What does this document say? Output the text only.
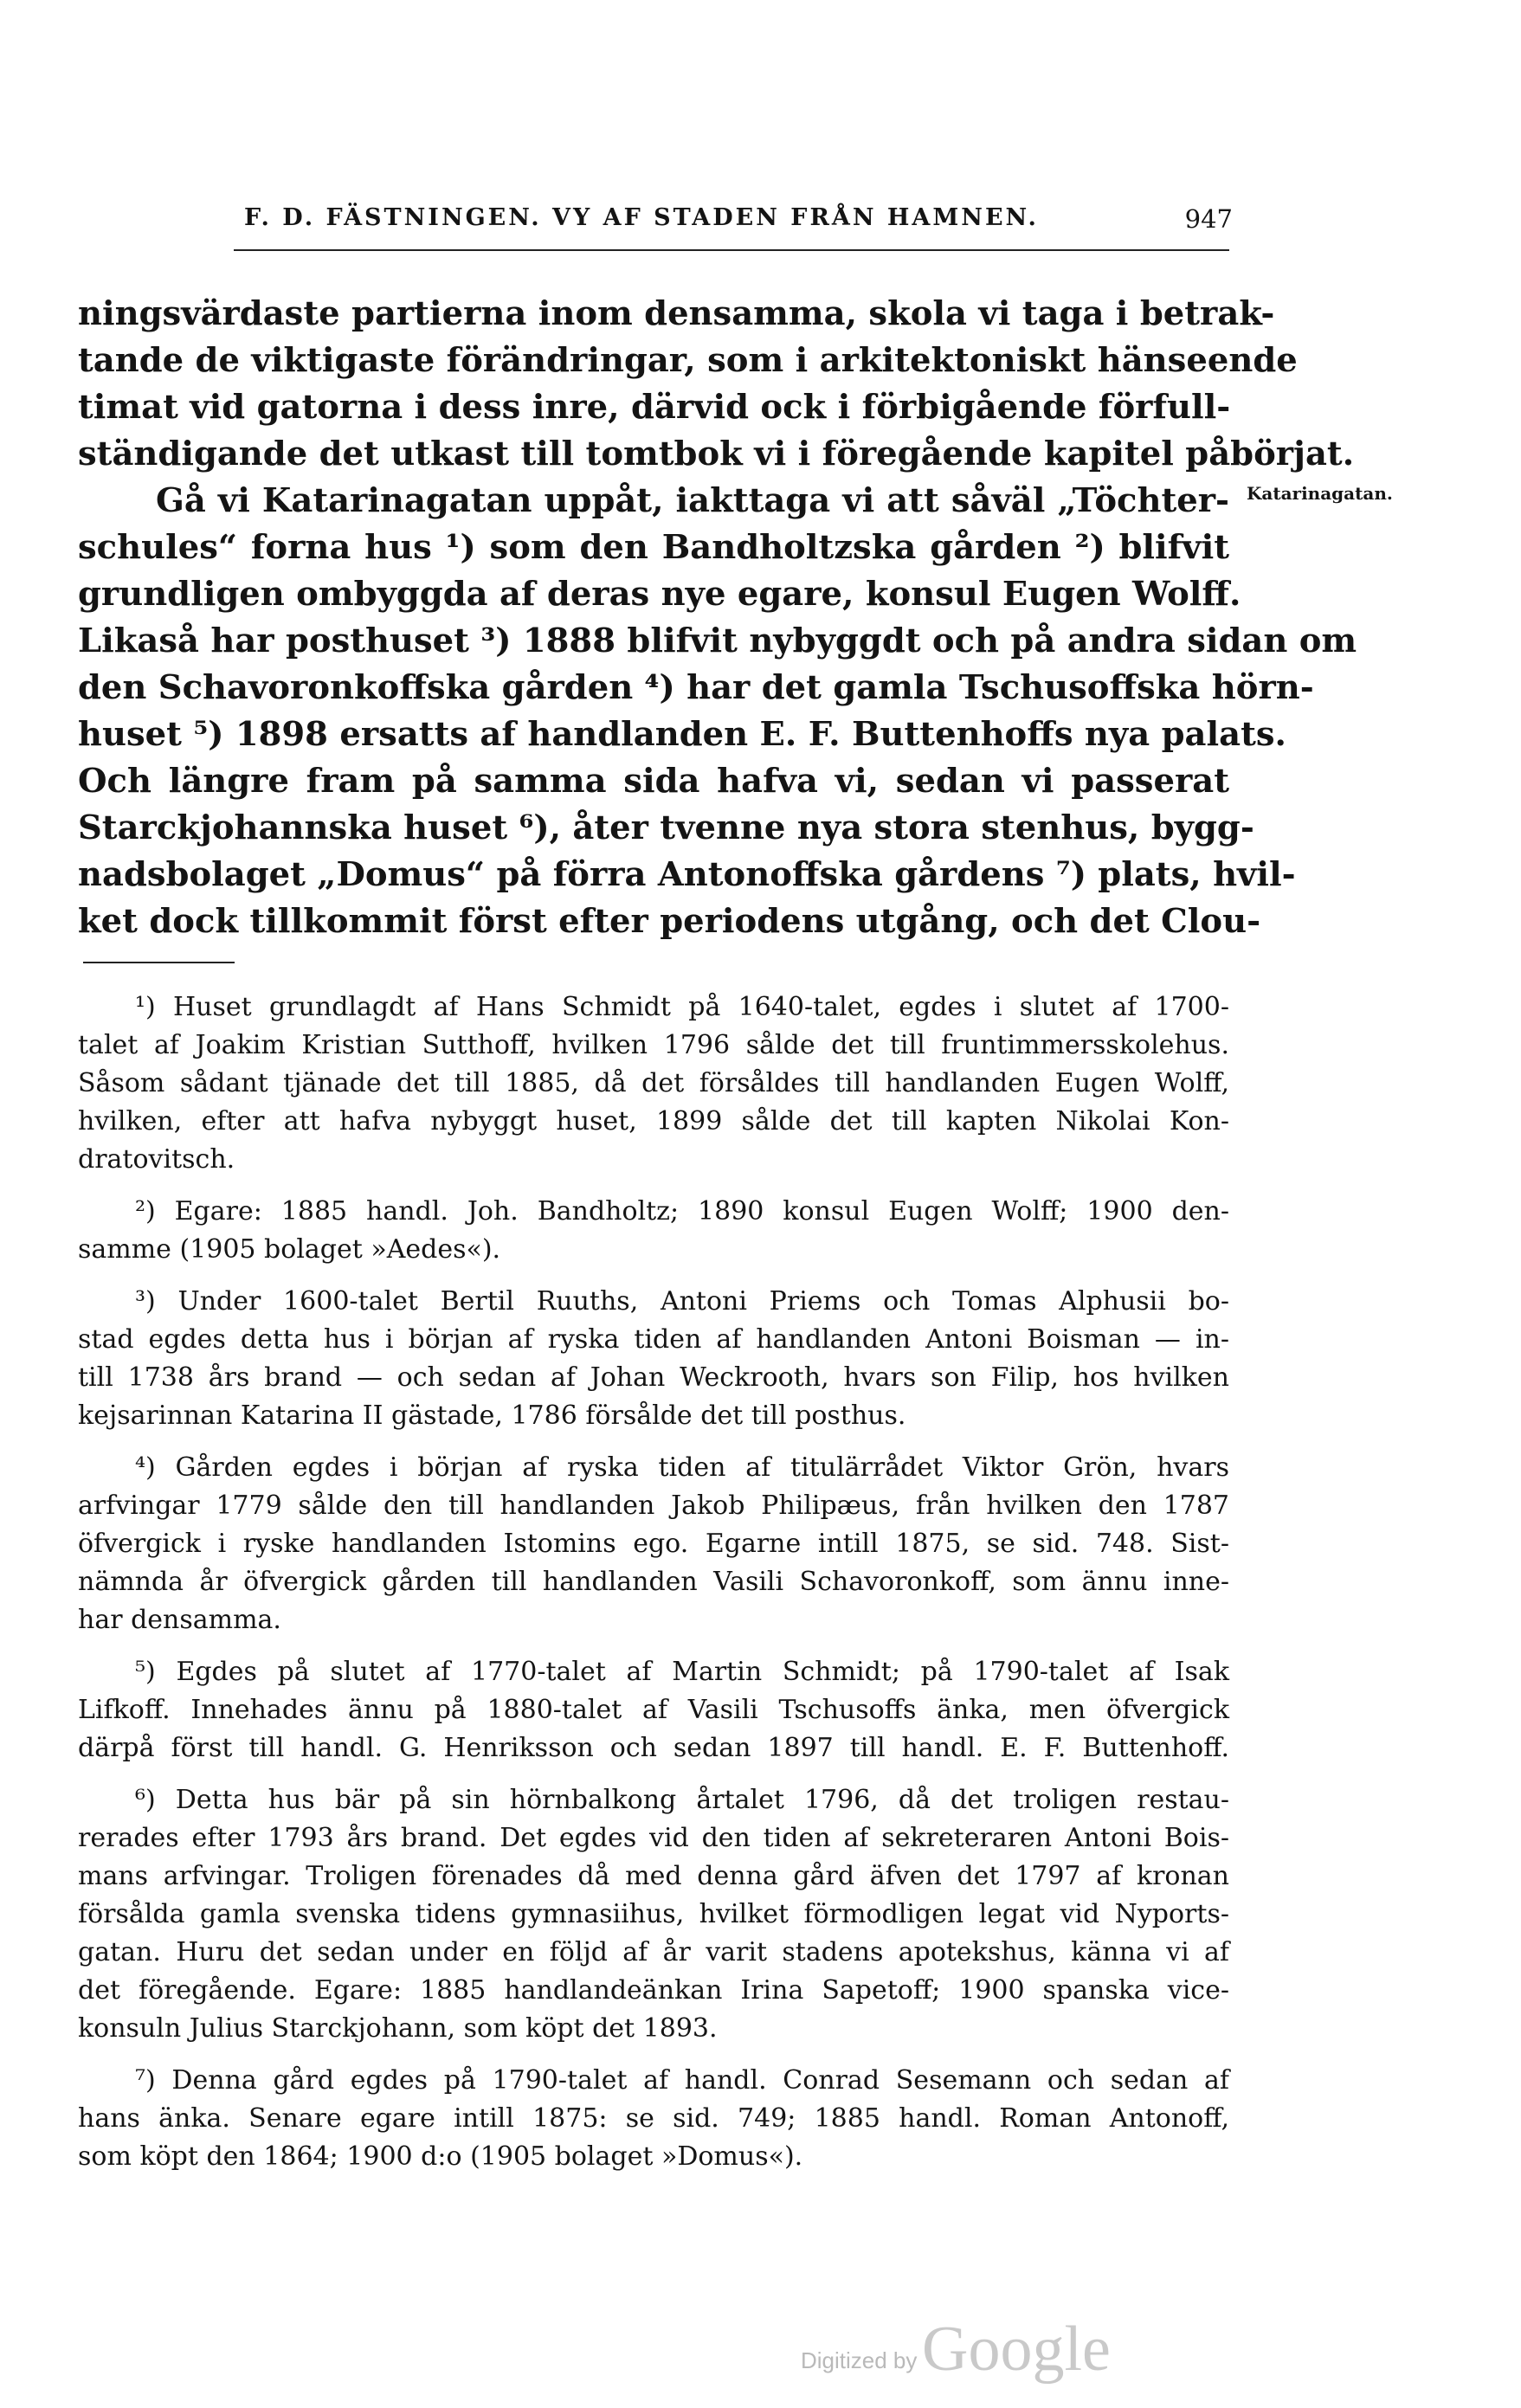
F. D. FÄSTNINGEN. VY AF STADEN FRÅN HAMNEN.	947
ningsvärdaste partierna inom densamma, skola vi taga i betrak-
tande de viktigaste förändringar, som i arkitektoniskt hänseende
timat vid gatorna i dess inre, därvid ock i förbigående förfull-
ständigande det utkast till tomtbok vi i föregående kapitel påbörjat.
Gå vi Katarinagatan uppåt, iakttaga vi att såväl „Töchter-
schules“ forna hus ¹) som den Bandholtzska gården ²) blifvit
grundligen ombyggda af deras nye egare, konsul Eugen Wolff.
Likaså har posthuset ³) 1888 blifvit nybyggdt och på andra sidan om
den Schavoronkoffska gården ⁴) har det gamla Tschusoffska hörn-
huset ⁵) 1898 ersatts af handlanden E. F. Buttenhoffs nya palats.
Och längre fram på samma sida hafva vi, sedan vi passerat
Starckjohannska huset ⁶), åter tvenne nya stora stenhus, bygg-
nadsbolaget „Domus“ på förra Antonoffska gårdens ⁷) plats, hvil-
ket dock tillkommit först efter periodens utgång, och det Clou-
Katarinagatan.
¹) Huset grundlagdt af Hans Schmidt på 1640-talet, egdes i slutet af 1700-
talet af Joakim Kristian Sutthoff, hvilken 1796 sålde det till fruntimmersskolehus.
Såsom sådant tjänade det till 1885, då det försåldes till handlanden Eugen Wolff,
hvilken, efter att hafva nybyggt huset, 1899 sålde det till kapten Nikolai Kon-
dratovitsch.
²) Egare: 1885 handl. Joh. Bandholtz; 1890 konsul Eugen Wolff; 1900 den-
samme (1905 bolaget »Aedes«).
³) Under 1600-talet Bertil Ruuths, Antoni Priems och Tomas Alphusii bo-
stad egdes detta hus i början af ryska tiden af handlanden Antoni Boisman — in-
till 1738 års brand — och sedan af Johan Weckrooth, hvars son Filip, hos hvilken
kejsarinnan Katarina II gästade, 1786 försålde det till posthus.
⁴) Gården egdes i början af ryska tiden af titulärrådet Viktor Grön, hvars
arfvingar 1779 sålde den till handlanden Jakob Philipæus, från hvilken den 1787
öfvergick i ryske handlanden Istomins ego. Egarne intill 1875, se sid. 748. Sist-
nämnda år öfvergick gården till handlanden Vasili Schavoronkoff, som ännu inne-
har densamma.
⁵) Egdes på slutet af 1770-talet af Martin Schmidt; på 1790-talet af Isak
Lifkoff. Innehades ännu på 1880-talet af Vasili Tschusoffs änka, men öfvergick
därpå först till handl. G. Henriksson och sedan 1897 till handl. E. F. Buttenhoff.
⁶) Detta hus bär på sin hörnbalkong årtalet 1796, då det troligen restau-
rerades efter 1793 års brand. Det egdes vid den tiden af sekreteraren Antoni Bois-
mans arfvingar. Troligen förenades då med denna gård äfven det 1797 af kronan
försålda gamla svenska tidens gymnasiihus, hvilket förmodligen legat vid Nyports-
gatan. Huru det sedan under en följd af år varit stadens apotekshus, känna vi af
det föregående. Egare: 1885 handlandeänkan Irina Sapetoff; 1900 spanska vice-
konsuln Julius Starckjohann, som köpt det 1893.
⁷) Denna gård egdes på 1790-talet af handl. Conrad Sesemann och sedan af
hans änka. Senare egare intill 1875: se sid. 749; 1885 handl. Roman Antonoff,
som köpt den 1864; 1900 d:o (1905 bolaget »Domus«).
Digitized by Google
